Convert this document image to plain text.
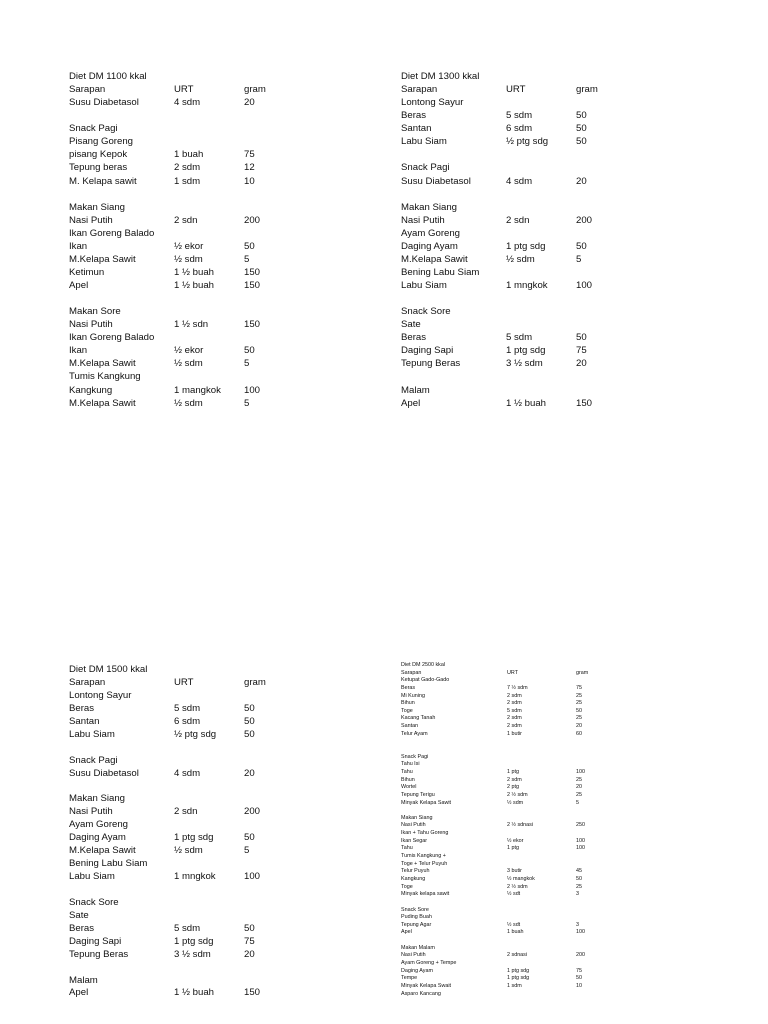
Diet DM 1100 kkal
Sarapan	URT	gram
Susu Diabetasol	4 sdm	20
Snack Pagi
Pisang Goreng
pisang Kepok	1 buah	75
Tepung beras	2 sdm	12
M. Kelapa sawit	1 sdm	10
Makan Siang
Nasi Putih	2 sdn	200
Ikan Goreng Balado
Ikan	½ ekor	50
M.Kelapa Sawit	½ sdm	5
Ketimun	1 ½ buah	150
Apel	1 ½ buah	150
Makan Sore
Nasi Putih	1 ½ sdn	150
Ikan Goreng Balado
Ikan	½ ekor	50
M.Kelapa Sawit	½ sdm	5
Tumis Kangkung
Kangkung	1 mangkok 100
M.Kelapa Sawit	½ sdm	5
Diet DM 1300 kkal
Sarapan	URT	gram
Lontong Sayur
Beras	5 sdm	50
Santan	6 sdm	50
Labu Siam	½ ptg sdg	50
Snack Pagi
Susu Diabetasol	4 sdm	20
Makan Siang
Nasi Putih	2 sdn	200
Ayam Goreng
Daging Ayam	1 ptg sdg	50
M.Kelapa Sawit	½ sdm	5
Bening Labu Siam
Labu Siam	1 mngkok	100
Snack Sore
Sate
Beras	5 sdm	50
Daging Sapi	1 ptg sdg	75
Tepung Beras	3 ½ sdm	20
Malam
Apel	1 ½ buah	150
Diet DM 1500 kkal
Sarapan	URT	gram
Lontong Sayur
Beras	5 sdm	50
Santan	6 sdm	50
Labu Siam	½ ptg sdg	50
Snack Pagi
Susu Diabetasol	4 sdm	20
Makan Siang
Nasi Putih	2 sdn	200
Ayam Goreng
Daging Ayam	1 ptg sdg	50
M.Kelapa Sawit	½ sdm	5
Bening Labu Siam
Labu Siam	1 mngkok	100
Snack Sore
Sate
Beras	5 sdm	50
Daging Sapi	1 ptg sdg	75
Tepung Beras	3 ½ sdm	20
Malam
Apel	1 ½ buah	150
Diet DM 2500 kkal
Sarapan	URT	gram
Ketupat Gado-Gado
Beras	7 ½ sdm	75
Mi Kuning	2 sdm	25
Bihun	2 sdm	25
Toge	5 sdm	50
Kacang Tanah	2 sdm	25
Santan	2 sdm	20
Telur Ayam	1 butir	60
Snack Pagi
Tahu Isi
Tahu	1 ptg	100
Bihun	2 sdm	25
Wortel	2 ptg	20
Tepung Terigu	2 ½ sdm	25
Minyak Kelapa Sawit	½ sdm	5
Makan Siang
Nasi Putih	2 ½ sdnasi	250
Ikan + Tahu Goreng
Ikan Segar	½ ekor	100
Tahu	1 ptg	100
Tumis Kangkung +
Toge + Telur Puyuh
Telur Puyuh	3 butir	45
Kangkung	½ mangkok	50
Toge	2 ½ sdm	25
Minyak kelapa sawit	½ sdt	3
Snack Sore
Puding Buah
Tepung Agar	½ sdt	3
Apel	1 buah	100
Makan Malam
Nasi Putih	2 sdnasi	200
Ayam Goreng + Tempe
Daging Ayam	1 ptg sdg	75
Tempe	1 ptg sdg	50
Minyak Kelapa Swait	1 sdm	10
Asparo Kancang
